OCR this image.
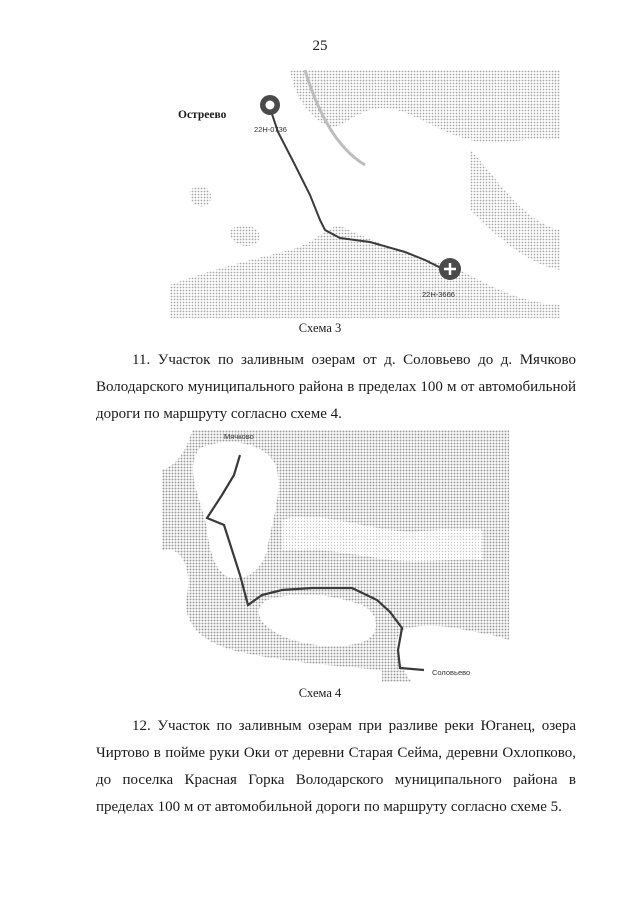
25
Остреево
22Н-0736
22Н-3666
Схема 3
11. Участок по заливным озерам от д. Соловьево до д. Мячково
Володарского муниципального района в пределах 100 м от автомобильной
дороги по маршруту согласно схеме 4.
Мячково
Соловьево
Схема 4
12. Участок по заливным озерам при разливе реки Юганец, озера
Чиртово в пойме руки Оки от деревни Старая Сейма, деревни Охлопково,
до поселка Красная Горка Володарского муниципального района в
пределах 100 м от автомобильной дороги по маршруту согласно схеме 5.
